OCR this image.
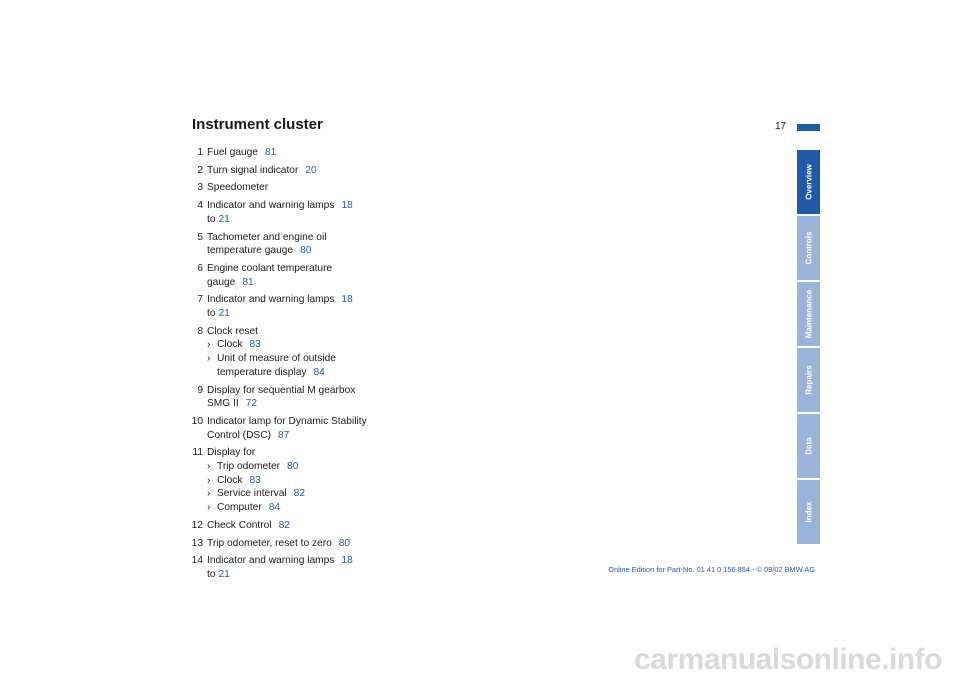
Instrument cluster	17
Overview
Controls
Maintenance
Repairs
Data
Index
1 Fuel gauge 81
2 Turn signal indicator 20
3 Speedometer
4 Indicator and warning lamps 18
to 21
5 Tachometer and engine oil
temperature gauge 80
6 Engine coolant temperature
gauge 81
7 Indicator and warning lamps 18
to 21
8 Clock reset
› Clock 83
› Unit of measure of outside
temperature display 84
9 Display for sequential M gearbox
SMG II 72
10 Indicator lamp for Dynamic Stability
Control (DSC) 87
11 Display for
› Trip odometer 80
› Clock 83
› Service interval 82
› Computer 84
12 Check Control 82
13 Trip odometer, reset to zero 80
14 Indicator and warning lamps 18
to 21	Online Edition for Part-No. 01 41 0 156 854 - © 09/02 BMW AG
carmanualsonline.info
